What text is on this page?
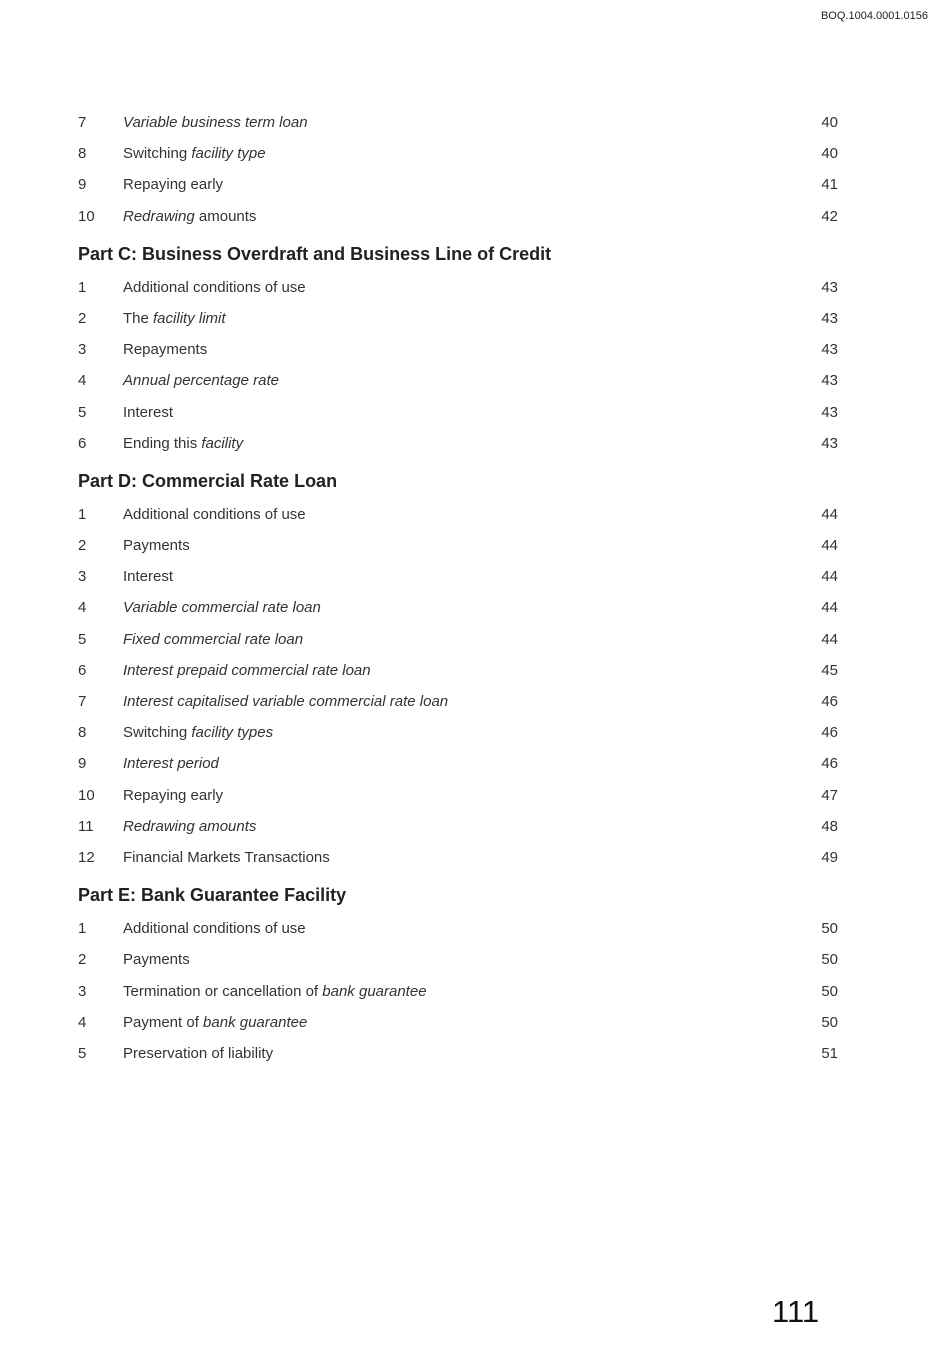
BOQ.1004.0001.0156
7 Variable business term loan	40
8 Switching facility type	40
9 Repaying early	41
10 Redrawing amounts	42
Part C: Business Overdraft and Business Line of Credit
1 Additional conditions of use	43
2 The facility limit	43
3 Repayments	43
4 Annual percentage rate	43
5 Interest	43
6 Ending this facility	43
Part D: Commercial Rate Loan
1 Additional conditions of use	44
2 Payments	44
3 Interest	44
4 Variable commercial rate loan	44
5 Fixed commercial rate loan	44
6 Interest prepaid commercial rate loan	45
7 Interest capitalised variable commercial rate loan	46
8 Switching facility types	46
9 Interest period	46
10 Repaying early	47
11 Redrawing amounts	48
12 Financial Markets Transactions	49
Part E: Bank Guarantee Facility
1 Additional conditions of use	50
2 Payments	50
3 Termination or cancellation of bank guarantee	50
4 Payment of bank guarantee	50
5 Preservation of liability	51
111
